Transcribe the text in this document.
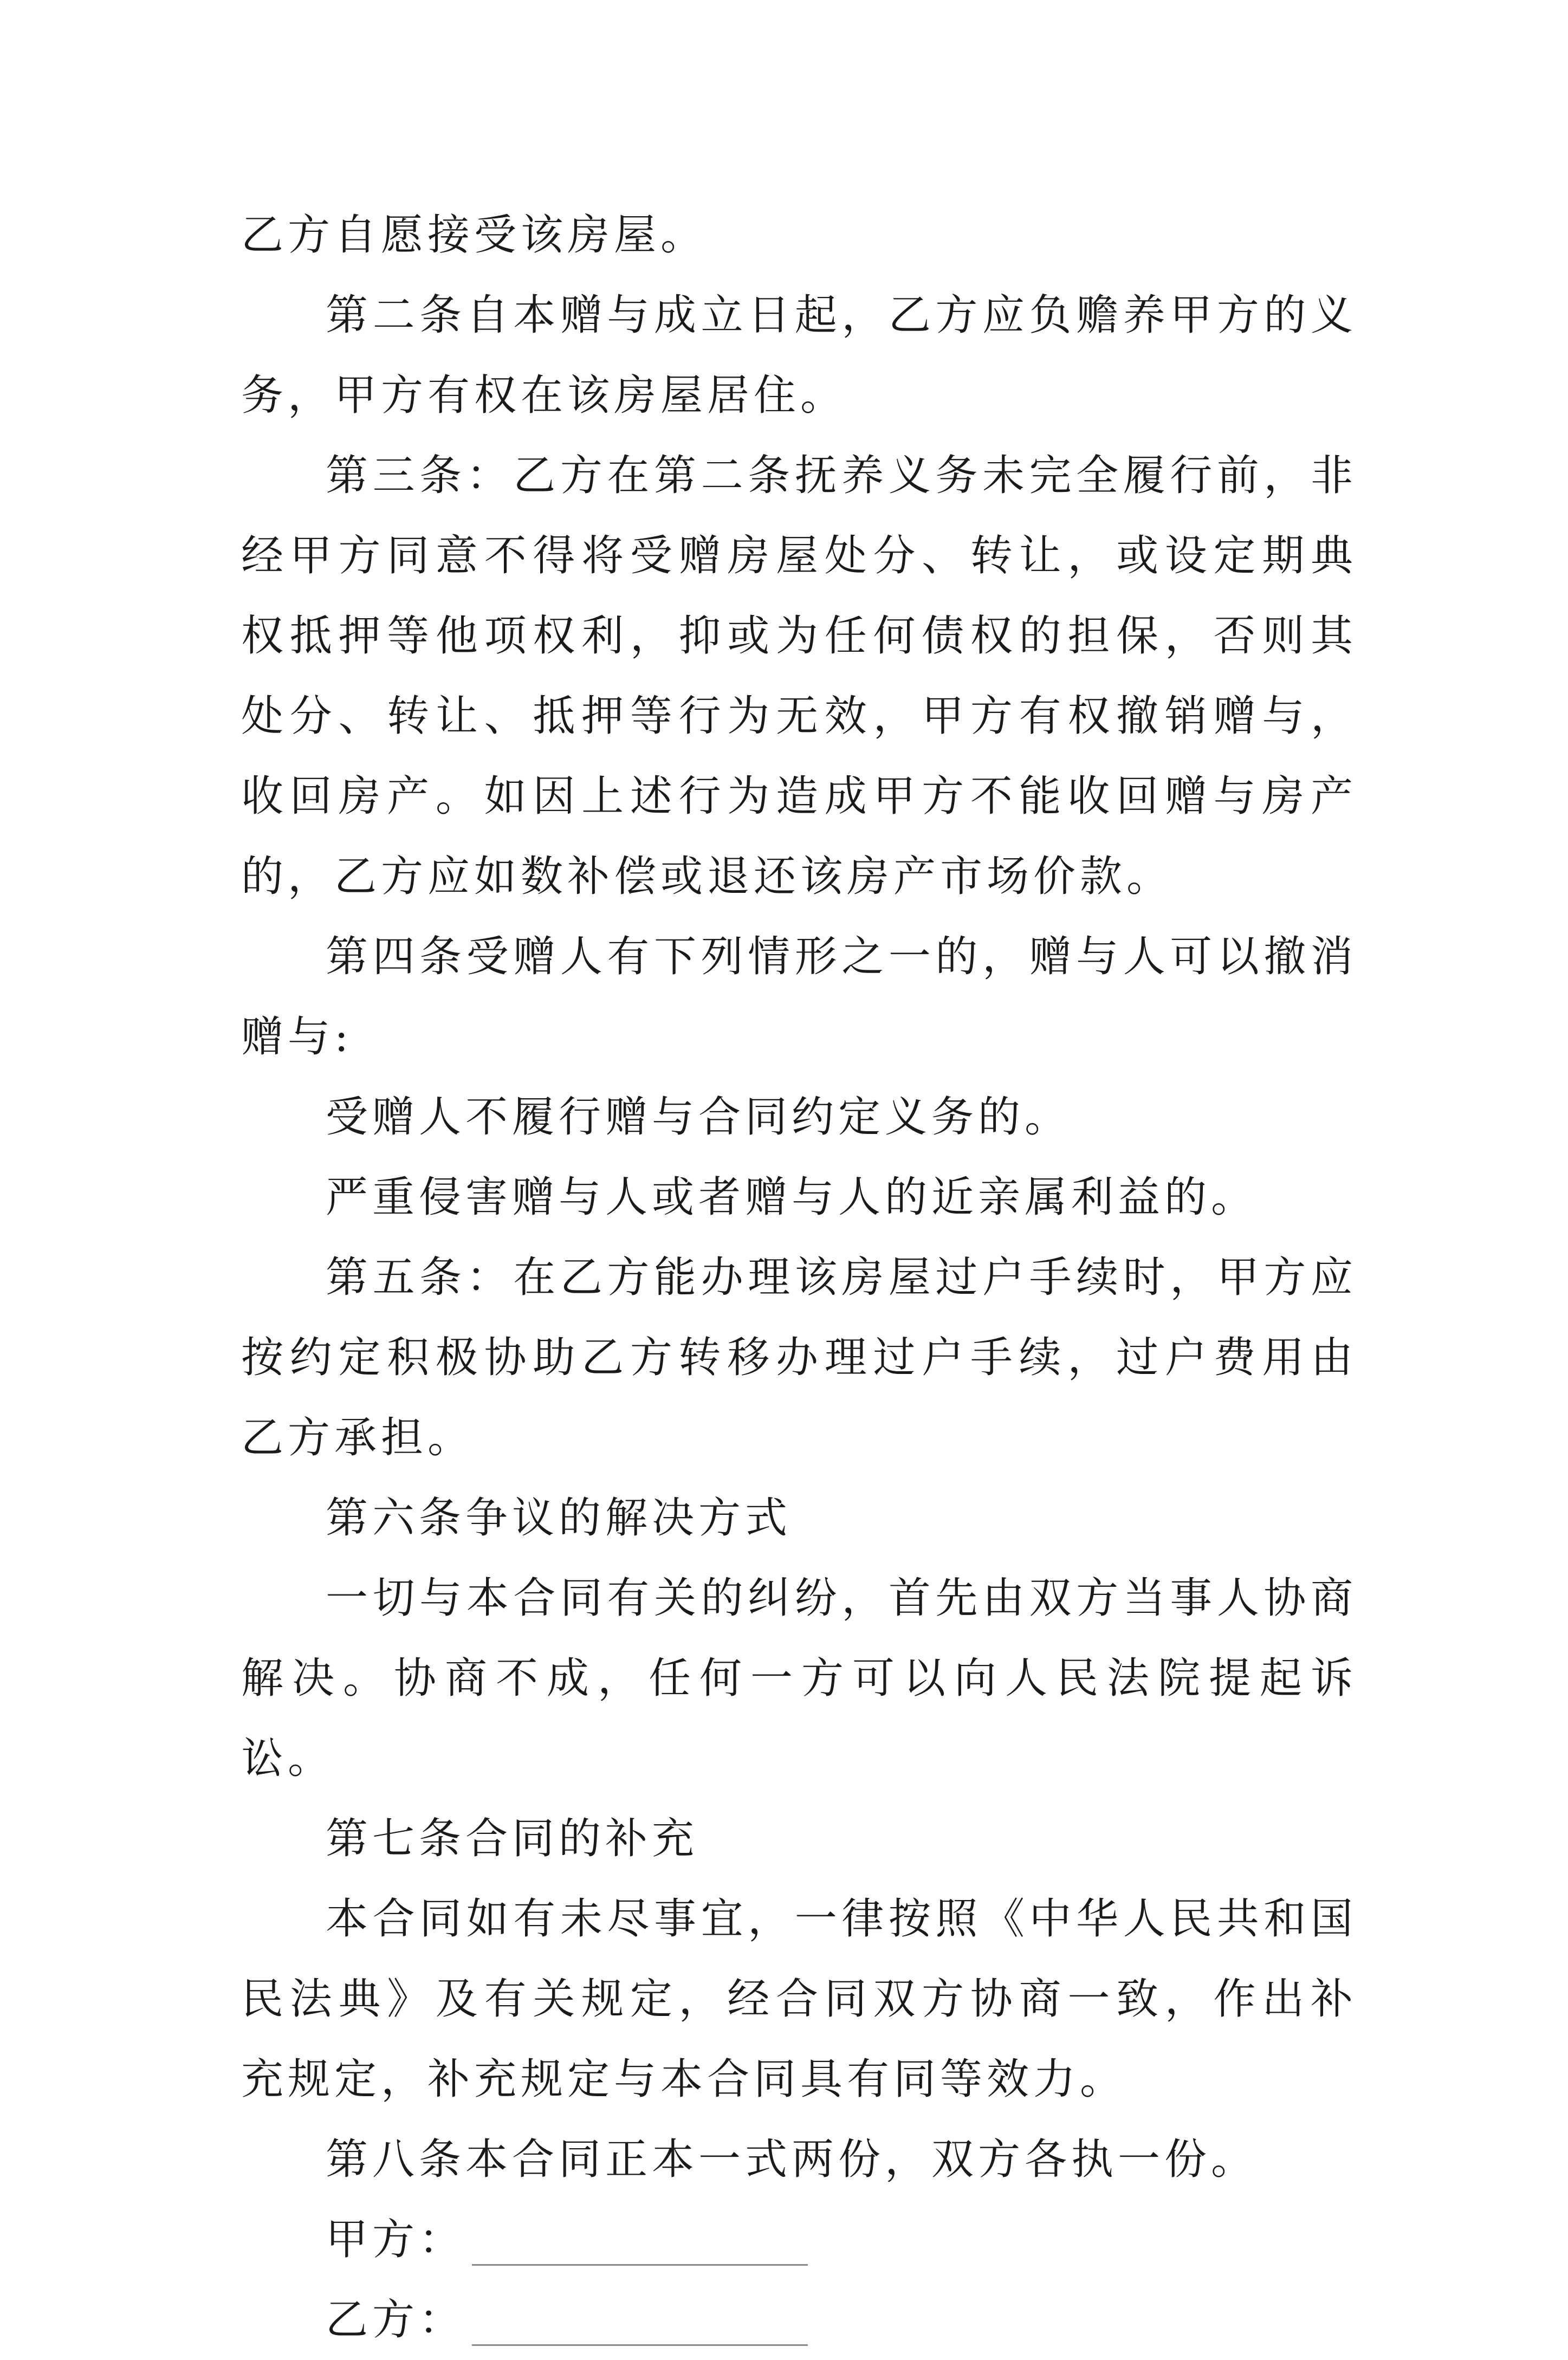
乙方自愿接受该房屋。

第二条自本赠与成立日起，乙方应负赡养甲方的义务，甲方有权在该房屋居住。

第三条：乙方在第二条抚养义务未完全履行前，非经甲方同意不得将受赠房屋处分、转让，或设定期典权抵押等他项权利，抑或为任何债权的担保，否则其处分、转让、抵押等行为无效，甲方有权撤销赠与，收回房产。如因上述行为造成甲方不能收回赠与房产的，乙方应如数补偿或退还该房产市场价款。

第四条受赠人有下列情形之一的，赠与人可以撤消赠与:

受赠人不履行赠与合同约定义务的。

严重侵害赠与人或者赠与人的近亲属利益的。

第五条：在乙方能办理该房屋过户手续时，甲方应按约定积极协助乙方转移办理过户手续，过户费用由乙方承担。

第六条争议的解决方式

一切与本合同有关的纠纷，首先由双方当事人协商解决。协商不成，任何一方可以向人民法院提起诉讼。

第七条合同的补充

本合同如有未尽事宜，一律按照《中华人民共和国民法典》及有关规定，经合同双方协商一致，作出补充规定，补充规定与本合同具有同等效力。

第八条本合同正本一式两份，双方各执一份。

甲方：
乙方：
